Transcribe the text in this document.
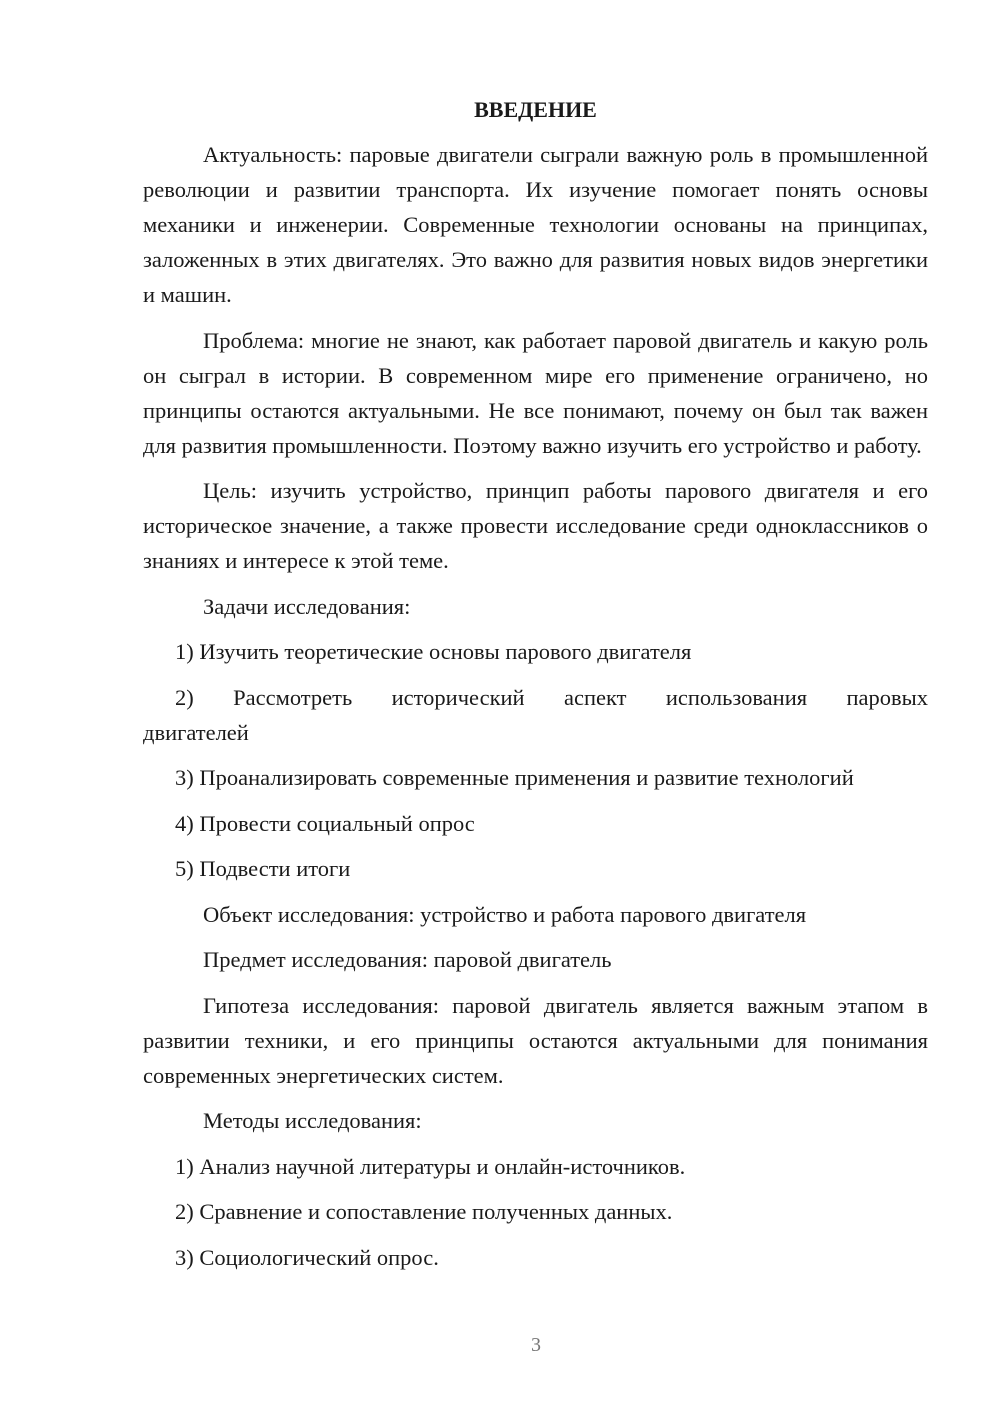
ВВЕДЕНИЕ

Актуальность: паровые двигатели сыграли важную роль в промышленной революции и развитии транспорта. Их изучение помогает понять основы механики и инженерии. Современные технологии основаны на принципах, заложенных в этих двигателях. Это важно для развития новых видов энергетики и машин.

Проблема: многие не знают, как работает паровой двигатель и какую роль он сыграл в истории. В современном мире его применение ограничено, но принципы остаются актуальными. Не все понимают, почему он был так важен для развития промышленности. Поэтому важно изучить его устройство и работу.

Цель: изучить устройство, принцип работы парового двигателя и его историческое значение, а также провести исследование среди одноклассников о знаниях и интересе к этой теме.

Задачи исследования:

1) Изучить теоретические основы парового двигателя

2) Рассмотреть исторический аспект использования паровых двигателей

3) Проанализировать современные применения и развитие технологий

4) Провести социальный опрос

5) Подвести итоги

Объект исследования: устройство и работа парового двигателя

Предмет исследования: паровой двигатель

Гипотеза исследования: паровой двигатель является важным этапом в развитии техники, и его принципы остаются актуальными для понимания современных энергетических систем.

Методы исследования:

1) Анализ научной литературы и онлайн-источников.

2) Сравнение и сопоставление полученных данных.

3) Социологический опрос.

3
